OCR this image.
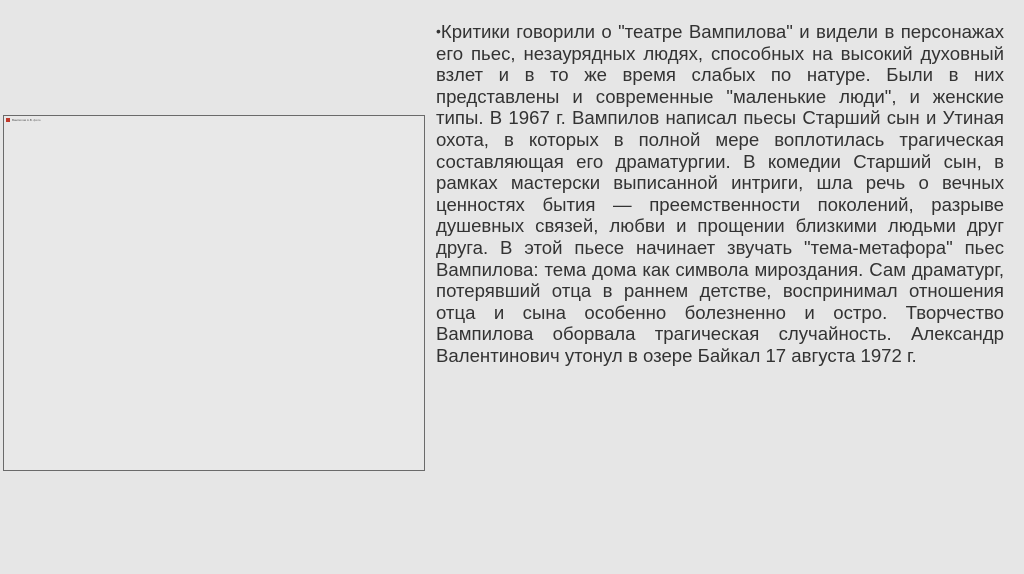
Вампилов А.В. фото

•Критики говорили о "театре Вампилова" и видели в персонажах его пьес, незаурядных людях, способных на высокий духовный взлет и в то же время слабых по натуре. Были в них представлены и современные "маленькие люди", и женские типы. В 1967 г. Вампилов написал пьесы Старший сын и Утиная охота, в которых в полной мере воплотилась трагическая составляющая его драматургии. В комедии Старший сын, в рамках мастерски выписанной интриги, шла речь о вечных ценностях бытия — преемственности поколений, разрыве душевных связей, любви и прощении близкими людьми друг друга. В этой пьесе начинает звучать "тема-метафора" пьес Вампилова: тема дома как символа мироздания. Сам драматург, потерявший отца в раннем детстве, воспринимал отношения отца и сына особенно болезненно и остро. Творчество Вампилова оборвала трагическая случайность. Александр Валентинович утонул в озере Байкал 17 августа 1972 г.
